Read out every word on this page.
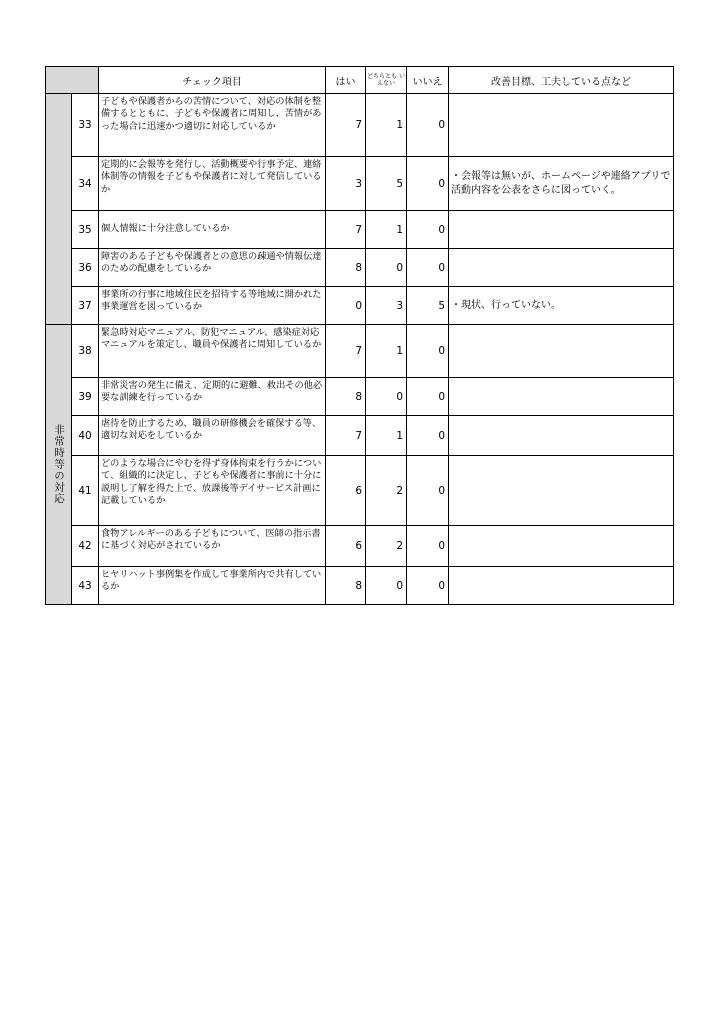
		チェック項目	はい	どちらとも いえない	いいえ	改善目標、工夫している点など
	33	子どもや保護者からの苦情について、対応の体制を整備するとともに、子どもや保護者に周知し、苦情があった場合に迅速かつ適切に対応しているか	7	1	0	
	34	定期的に会報等を発行し、活動概要や行事予定、連絡体制等の情報を子どもや保護者に対して発信しているか	3	5	0	・会報等は無いが、ホームページや連絡アプリで活動内容を公表をさらに図っていく。
	35	個人情報に十分注意しているか	7	1	0	
	36	障害のある子どもや保護者との意思の疎通や情報伝達のための配慮をしているか	8	0	0	
	37	事業所の行事に地域住民を招待する等地域に開かれた事業運営を図っているか	0	3	5	・現状、行っていない。
非常時等の対応	38	緊急時対応マニュアル、防犯マニュアル、感染症対応マニュアルを策定し、職員や保護者に周知しているか	7	1	0	
	39	非常災害の発生に備え、定期的に避難、救出その他必要な訓練を行っているか	8	0	0	
	40	虐待を防止するため、職員の研修機会を確保する等、適切な対応をしているか	7	1	0	
	41	どのような場合にやむを得ず身体拘束を行うかについて、組織的に決定し、子どもや保護者に事前に十分に説明し了解を得た上で、放課後等デイサービス計画に記載しているか	6	2	0	
	42	食物アレルギーのある子どもについて、医師の指示書に基づく対応がされているか	6	2	0	
	43	ヒヤリハット事例集を作成して事業所内で共有しているか	8	0	0	
